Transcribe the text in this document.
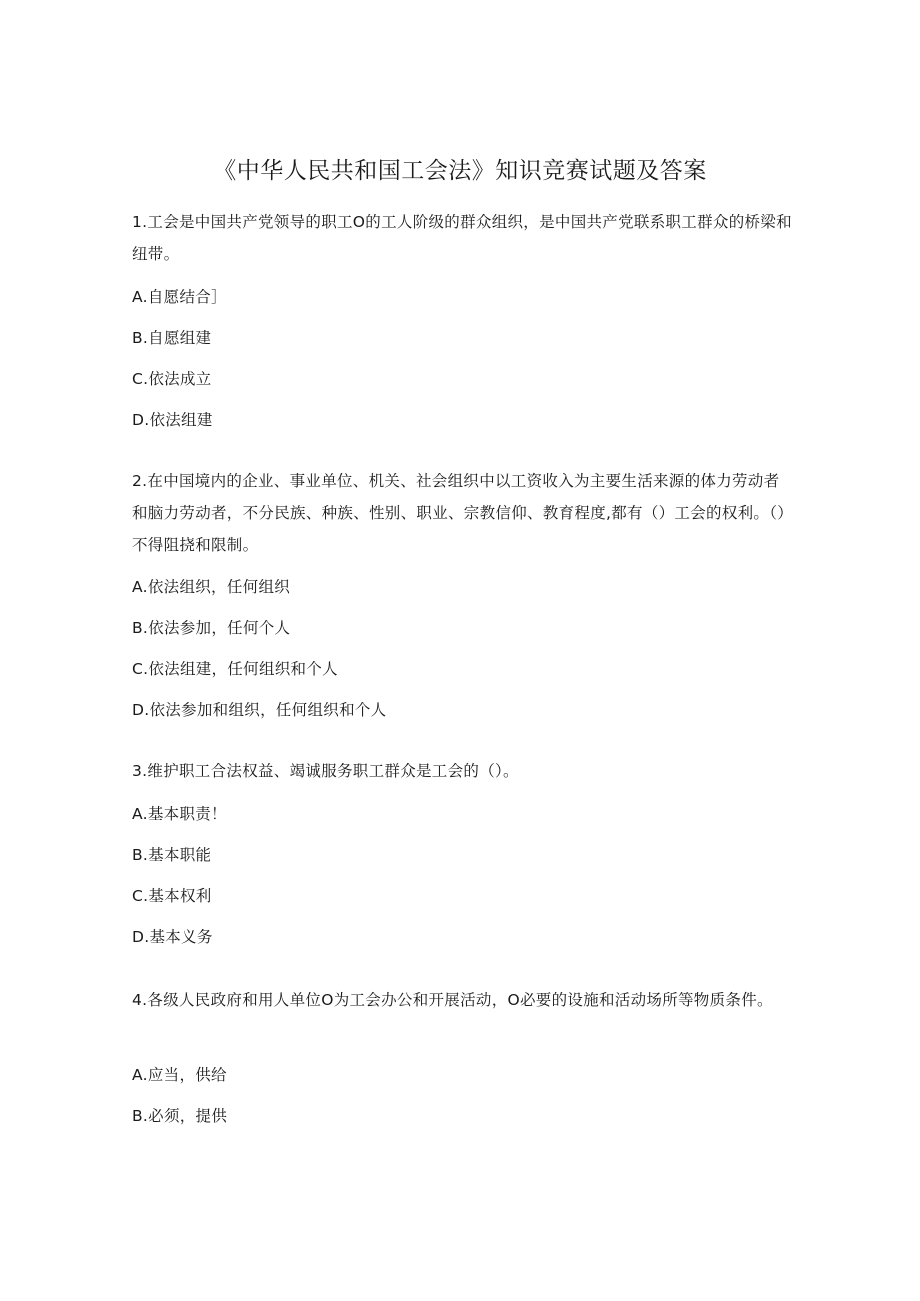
《中华人民共和国工会法》知识竞赛试题及答案
1.工会是中国共产党领导的职工O的工人阶级的群众组织，是中国共产党联系职工群众的桥梁和纽带。
A.自愿结合］
B.自愿组建
C.依法成立
D.依法组建
2.在中国境内的企业、事业单位、机关、社会组织中以工资收入为主要生活来源的体力劳动者和脑力劳动者，不分民族、种族、性别、职业、宗教信仰、教育程度,都有（）工会的权利。（）不得阻挠和限制。
A.依法组织，任何组织
B.依法参加，任何个人
C.依法组建，任何组织和个人
D.依法参加和组织，任何组织和个人
3.维护职工合法权益、竭诚服务职工群众是工会的（）。
A.基本职责！
B.基本职能
C.基本权利
D.基本义务
4.各级人民政府和用人单位O为工会办公和开展活动，O必要的设施和活动场所等物质条件。
A.应当，供给
B.必须，提供
